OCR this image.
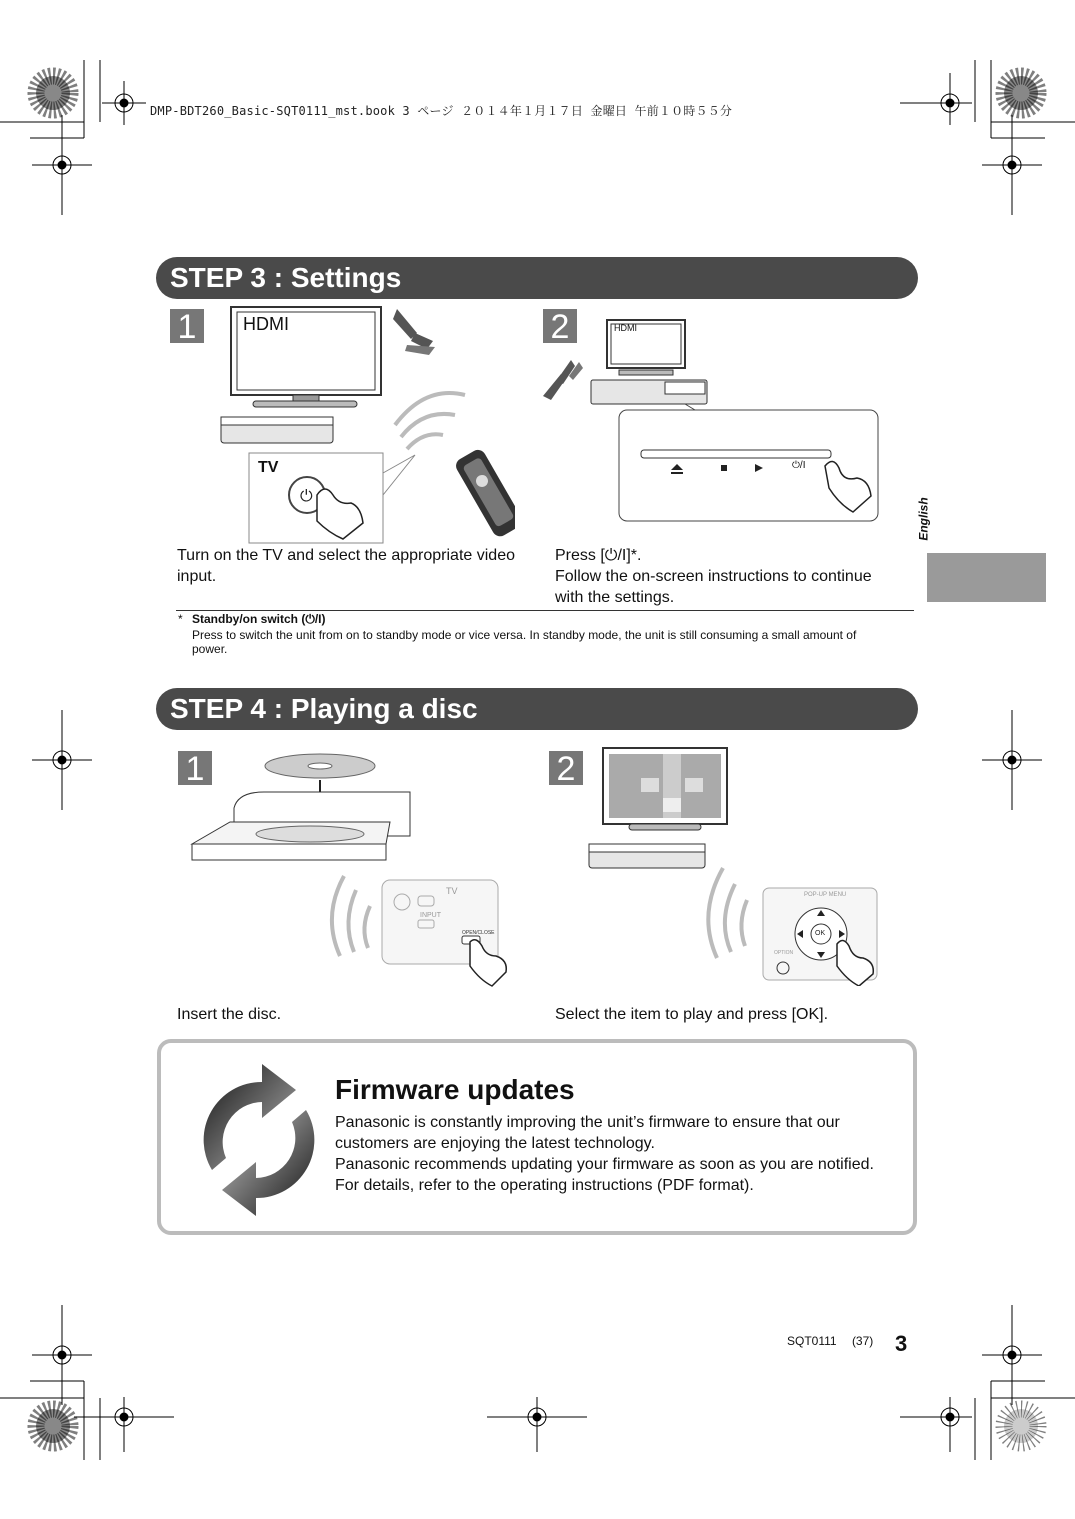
DMP-BDT260_Basic-SQT0111_mst.book 3 ページ ２０１４年１月１７日 金曜日 午前１０時５５分
English
STEP 3 : Settings
1	2
⏻
HDMI
TV
HDMI
⏻/I
Turn on the TV and select the appropriate video input.
Press [⏻/I]*.
Follow the on-screen instructions to continue with the settings.
* Standby/on switch (⏻/I)
Press to switch the unit from on to standby mode or vice versa. In standby mode, the unit is still consuming a small amount of power.
STEP 4 : Playing a disc
1	2
TV
INPUT
OPEN/CLOSE
POP-UP MENU
OK
OPTION
Insert the disc.	Select the item to play and press [OK].
Firmware updates
Panasonic is constantly improving the unit’s firmware to ensure that our
customers are enjoying the latest technology.
Panasonic recommends updating your firmware as soon as you are notified.
For details, refer to the operating instructions (PDF format).
SQT0111 (37) 3
